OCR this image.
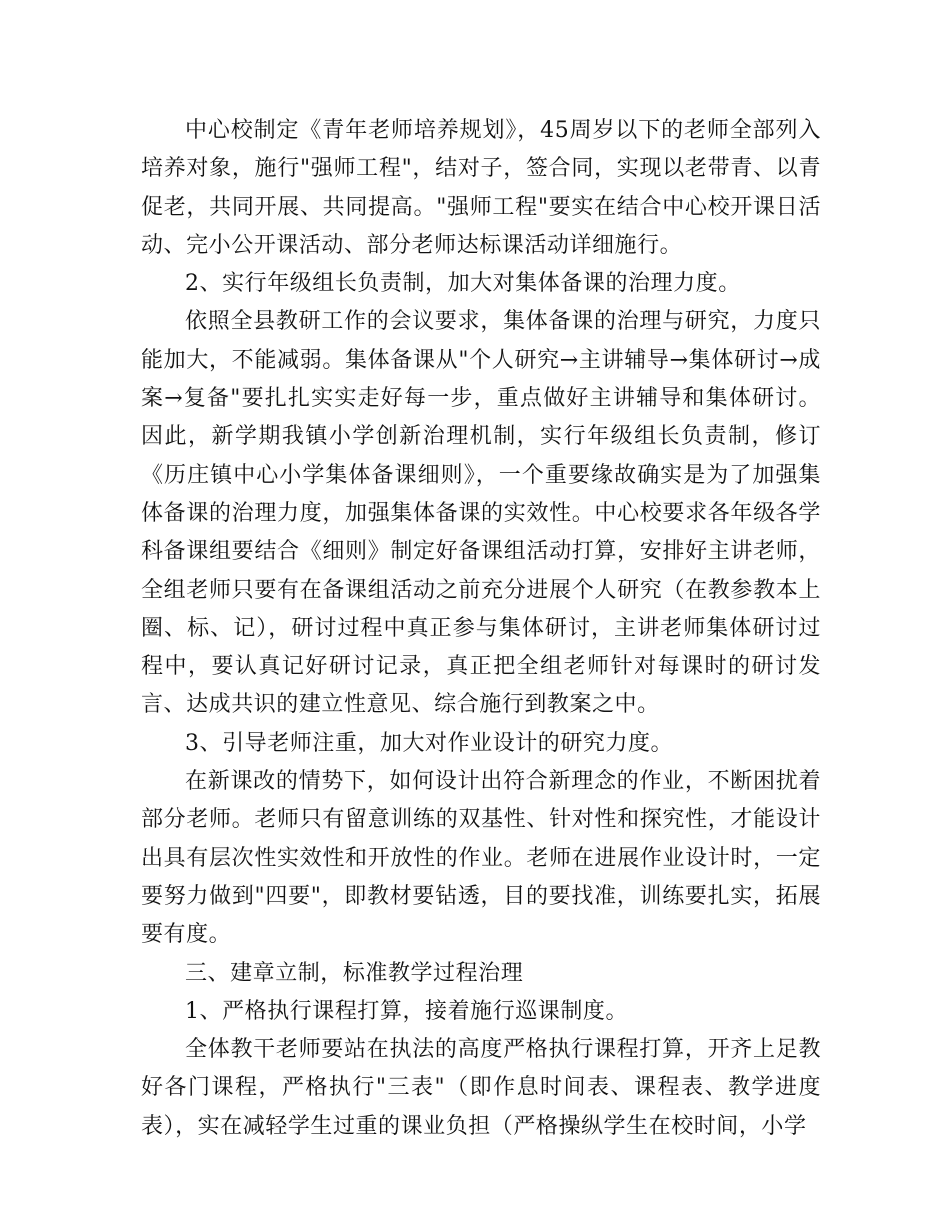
中心校制定《青年老师培养规划》，45周岁以下的老师全部列入培养对象，施行"强师工程"，结对子，签合同，实现以老带青、以青促老，共同开展、共同提高。"强师工程"要实在结合中心校开课日活动、完小公开课活动、部分老师达标课活动详细施行。

2、实行年级组长负责制，加大对集体备课的治理力度。

依照全县教研工作的会议要求，集体备课的治理与研究，力度只能加大，不能减弱。集体备课从"个人研究→主讲辅导→集体研讨→成案→复备"要扎扎实实走好每一步，重点做好主讲辅导和集体研讨。因此，新学期我镇小学创新治理机制，实行年级组长负责制，修订《历庄镇中心小学集体备课细则》，一个重要缘故确实是为了加强集体备课的治理力度，加强集体备课的实效性。中心校要求各年级各学科备课组要结合《细则》制定好备课组活动打算，安排好主讲老师，全组老师只要有在备课组活动之前充分进展个人研究（在教参教本上圈、标、记），研讨过程中真正参与集体研讨，主讲老师集体研讨过程中，要认真记好研讨记录，真正把全组老师针对每课时的研讨发言、达成共识的建立性意见、综合施行到教案之中。

3、引导老师注重，加大对作业设计的研究力度。

在新课改的情势下，如何设计出符合新理念的作业，不断困扰着部分老师。老师只有留意训练的双基性、针对性和探究性，才能设计出具有层次性实效性和开放性的作业。老师在进展作业设计时，一定要努力做到"四要"，即教材要钻透，目的要找准，训练要扎实，拓展要有度。

三、建章立制，标准教学过程治理

1、严格执行课程打算，接着施行巡课制度。

全体教干老师要站在执法的高度严格执行课程打算，开齐上足教好各门课程，严格执行"三表"（即作息时间表、课程表、教学进度表），实在减轻学生过重的课业负担（严格操纵学生在校时间，小学
